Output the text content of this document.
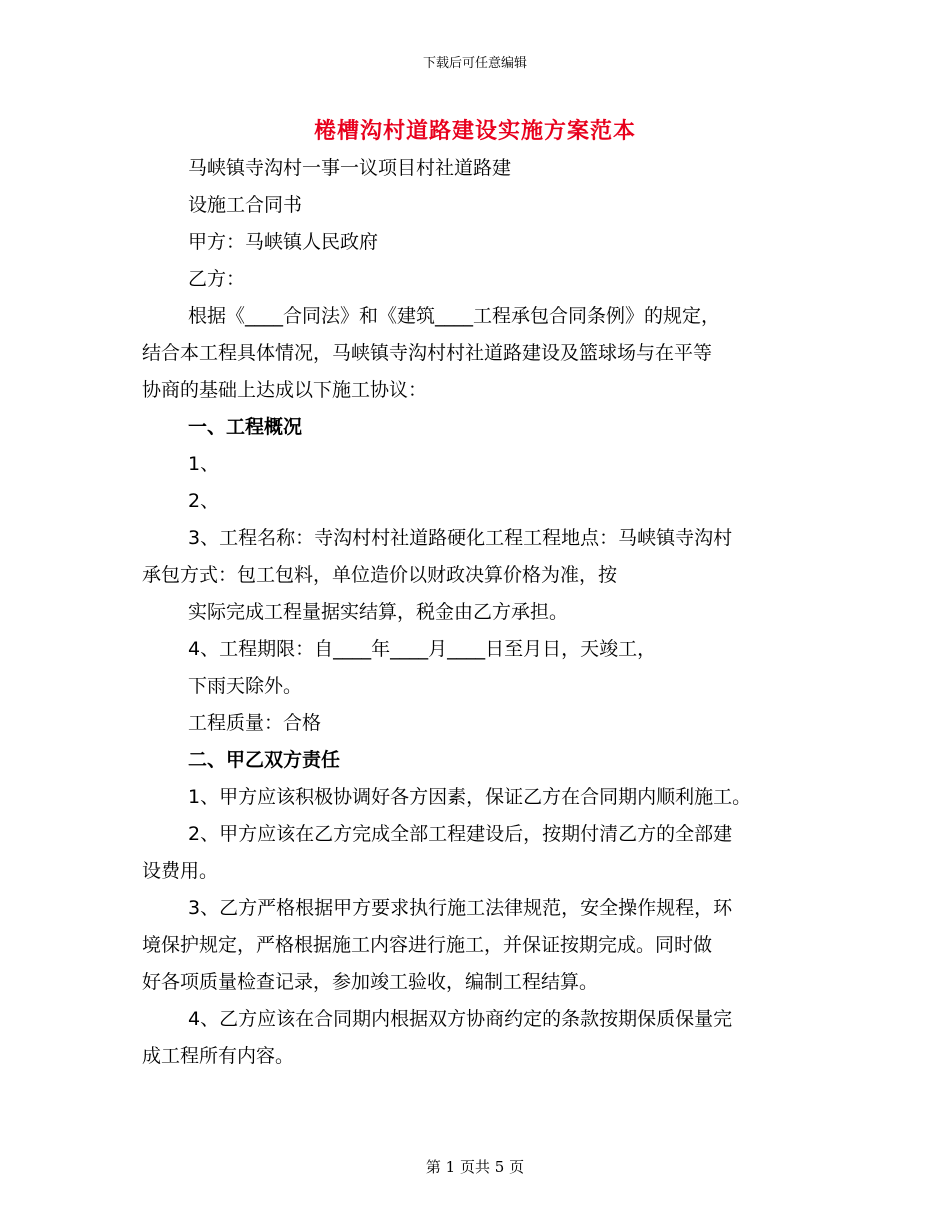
下载后可任意编辑
棬槽沟村道路建设实施方案范本
马峡镇寺沟村一事一议项目村社道路建
设施工合同书
甲方：马峡镇人民政府
乙方：
根据《____合同法》和《建筑____工程承包合同条例》的规定，
结合本工程具体情况，马峡镇寺沟村村社道路建设及篮球场与在平等
协商的基础上达成以下施工协议：
一、工程概况
1、
2、
3、工程名称：寺沟村村社道路硬化工程工程地点：马峡镇寺沟村
承包方式：包工包料，单位造价以财政决算价格为准，按
实际完成工程量据实结算，税金由乙方承担。
4、工程期限：自____年____月____日至月日，天竣工，
下雨天除外。
工程质量：合格
二、甲乙双方责任
1、甲方应该积极协调好各方因素，保证乙方在合同期内顺利施工。
2、甲方应该在乙方完成全部工程建设后，按期付清乙方的全部建
设费用。
3、乙方严格根据甲方要求执行施工法律规范，安全操作规程，环
境保护规定，严格根据施工内容进行施工，并保证按期完成。同时做
好各项质量检查记录，参加竣工验收，编制工程结算。
4、乙方应该在合同期内根据双方协商约定的条款按期保质保量完
成工程所有内容。
第 1 页共 5 页
